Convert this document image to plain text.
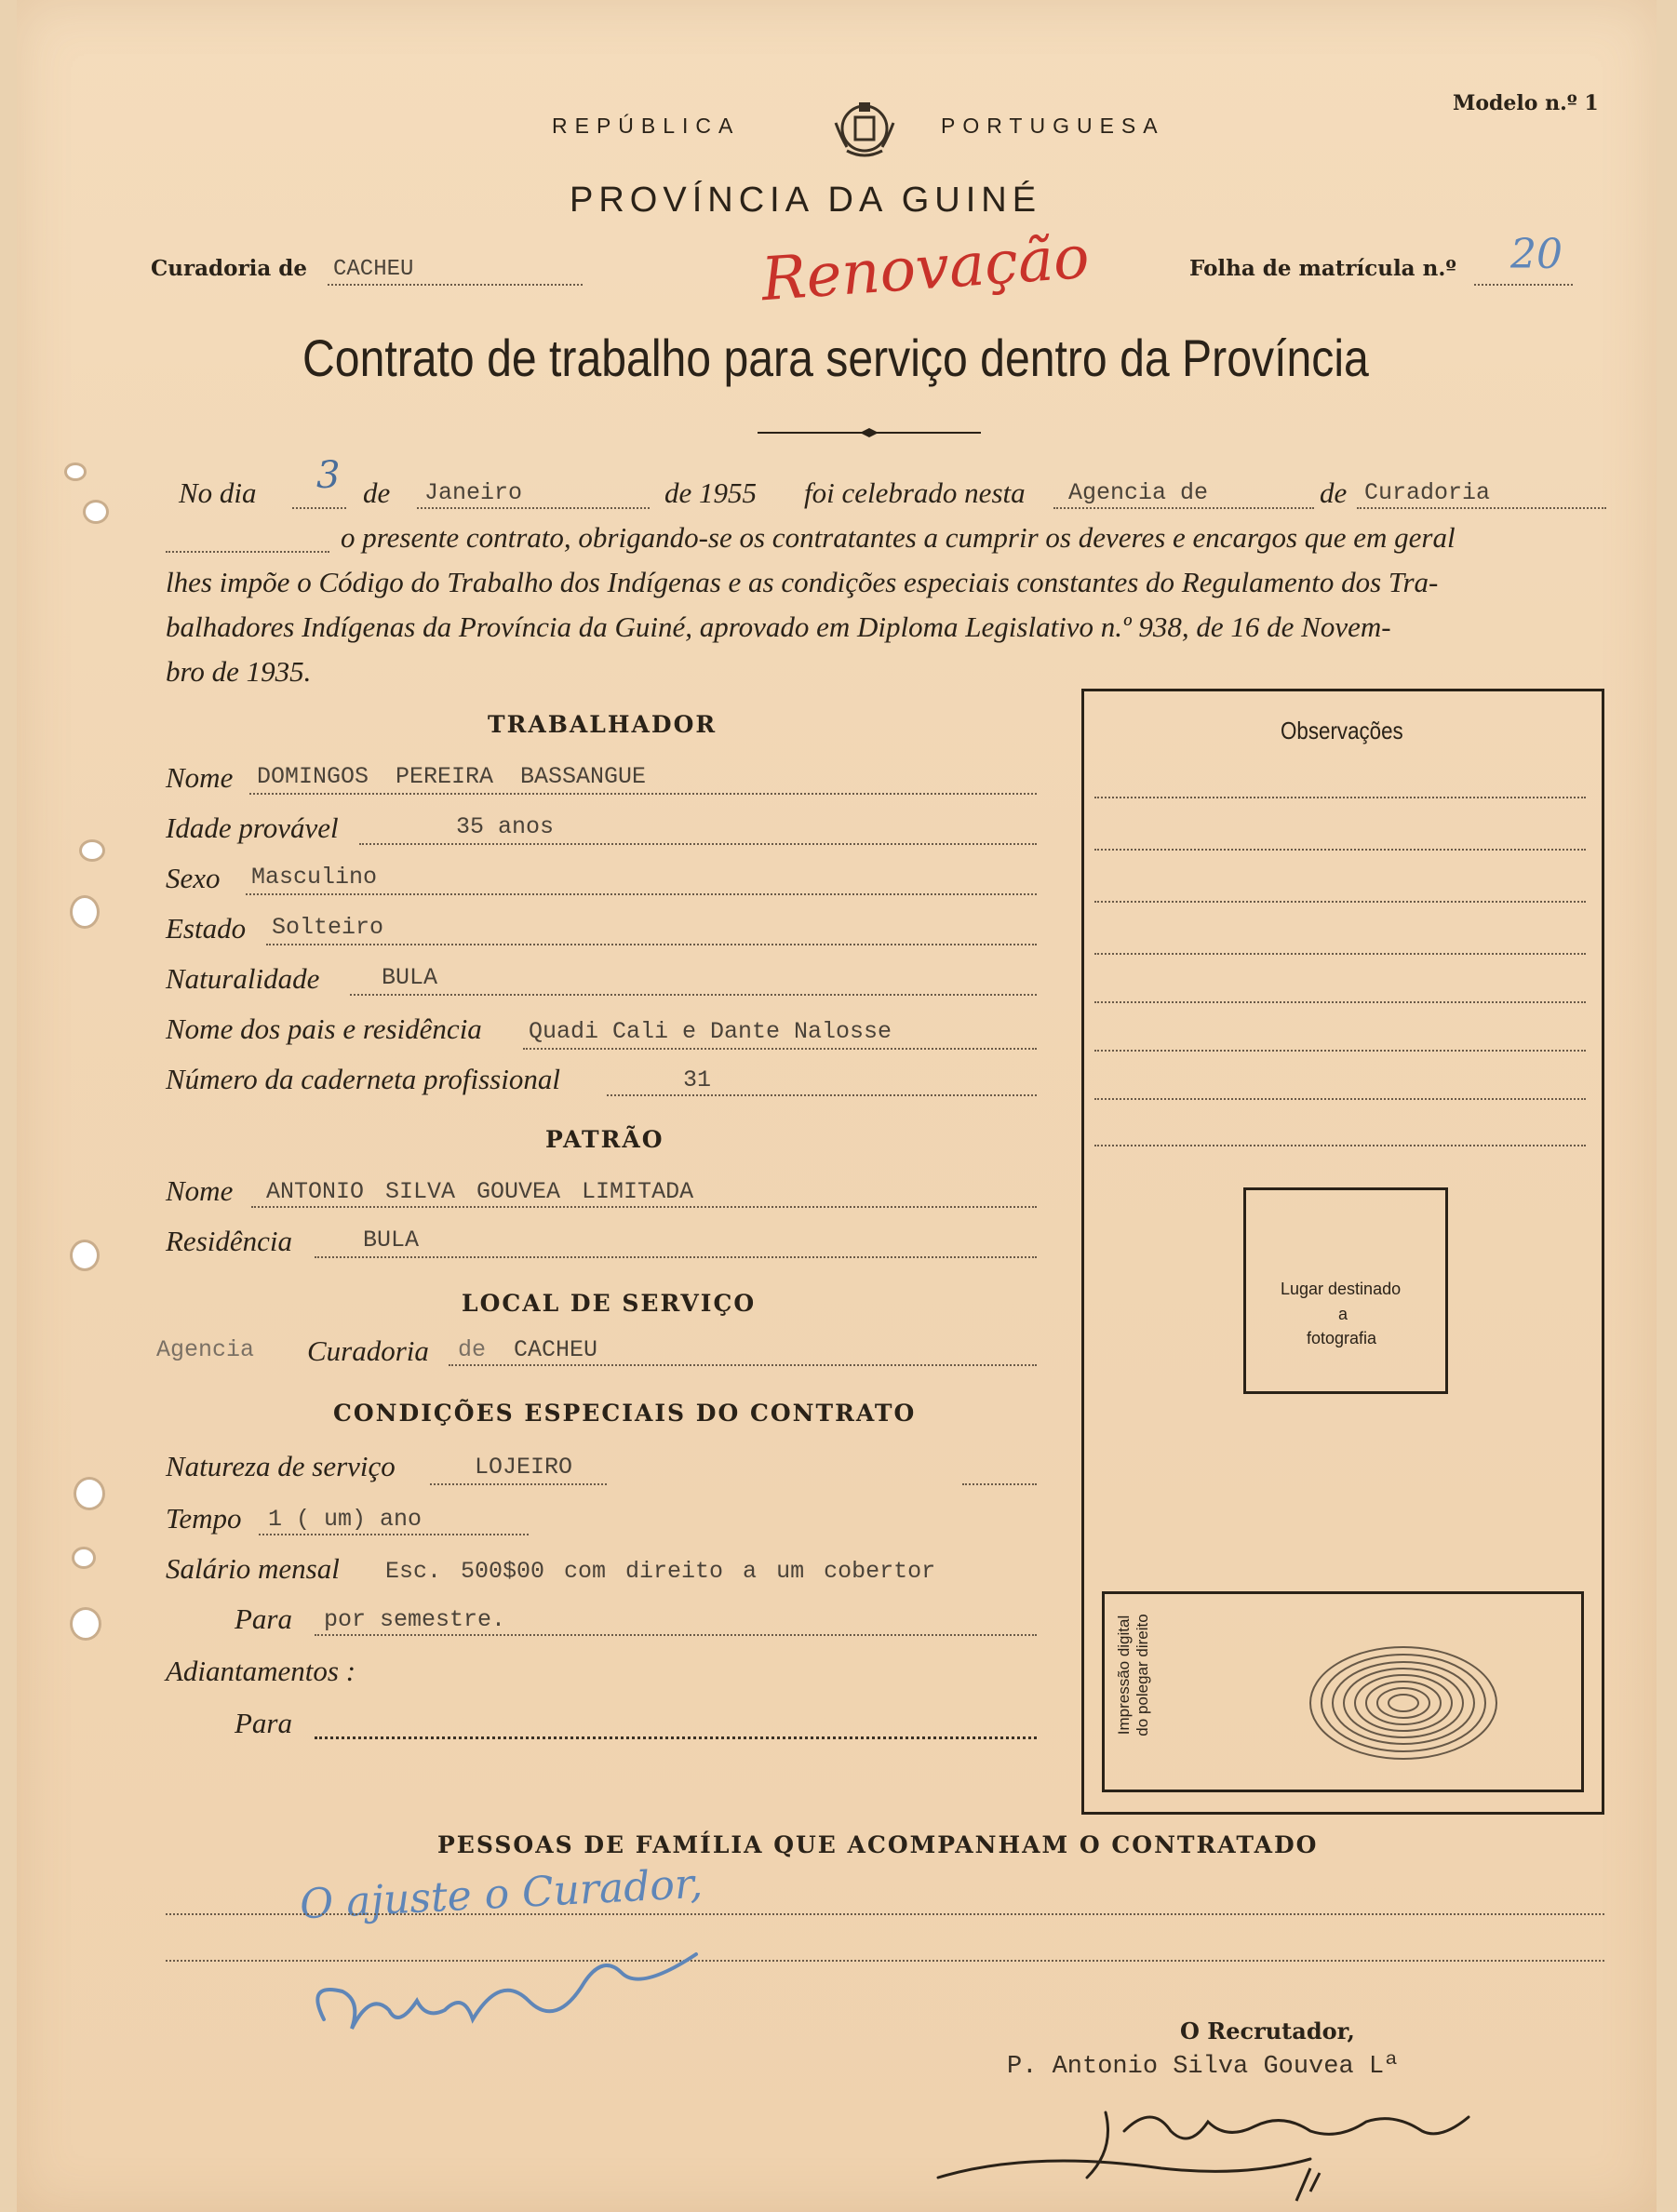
REPÚBLICA	PORTUGUESA
Modelo n.º 1
PROVÍNCIA DA GUINÉ
Curadoria de CACHEU	Renovação	Folha de matrícula n.º 20
Contrato de trabalho para serviço dentro da Província
No dia 3 de Janeiro	de 1955 foi celebrado nesta Agencia de	de Curadoria
o presente contrato, obrigando-se os contratantes a cumprir os deveres e encargos que em geral
lhes impõe o Código do Trabalho dos Indígenas e as condições especiais constantes do Regulamento dos Tra-
balhadores Indígenas da Província da Guiné, aprovado em Diploma Legislativo n.º 938, de 16 de Novem-
bro de 1935.
Observações
Lugar destinado
a
fotografia
Impressão digital do polegar direito
TRABALHADOR
Nome DOMINGOS PEREIRA BASSANGUE
Idade provável	35 anos
Sexo Masculino
Estado Solteiro
Naturalidade	BULA
Nome dos pais e residência Quadi Cali e Dante Nalosse
Número da caderneta profissional	31
PATRÃO
Nome ANTONIO SILVA GOUVEA LIMITADA
Residência	BULA
LOCAL DE SERVIÇO
Agencia Curadoria de CACHEU
CONDIÇÕES ESPECIAIS DO CONTRATO
Natureza de serviço	LOJEIRO
Tempo 1 ( um) ano
Salário mensal Esc. 500$00 com direito a um cobertor
Para por semestre.
Adiantamentos :
Para
PESSOAS DE FAMÍLIA QUE ACOMPANHAM O CONTRATADO
O ajuste o Curador,
O Recrutador,
P. Antonio Silva Gouvea Lª
